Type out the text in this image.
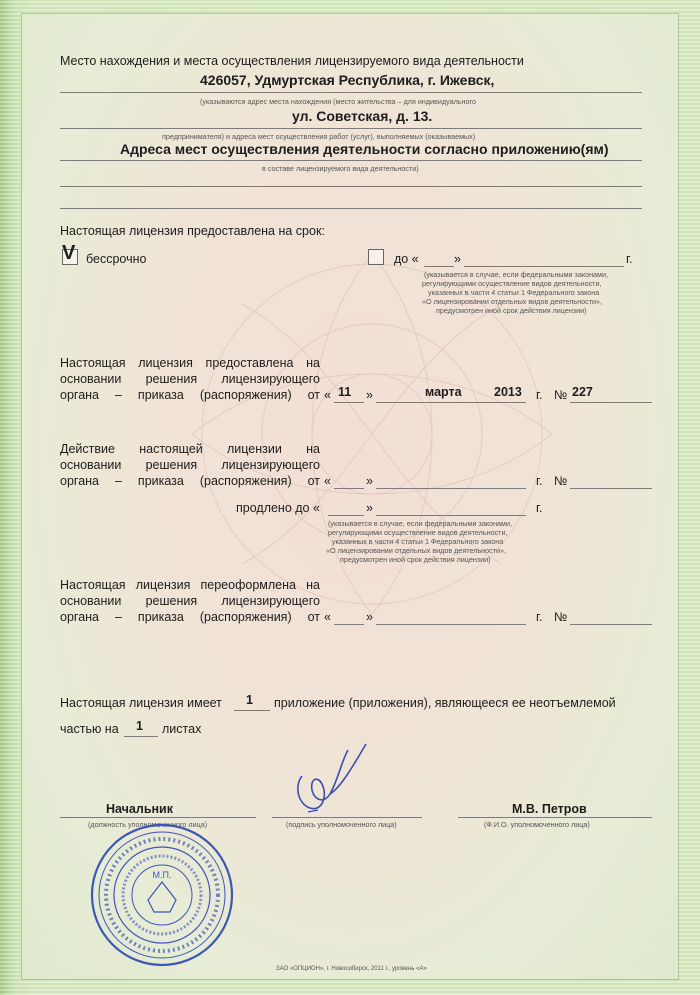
Место нахождения и места осуществления лицензируемого вида деятельности
426057, Удмуртская Республика, г. Ижевск,
(указываются адрес места нахождения (место жительства – для индивидуального
ул. Советская, д. 13.
предпринимателя) и адреса мест осуществления работ (услуг), выполняемых (оказываемых)
Адреса мест осуществления деятельности согласно приложению(ям)
в составе лицензируемого вида деятельности)
Настоящая лицензия предоставлена на срок:
V бессрочно	до «	»	г.
(указывается в случае, если федеральными законами,
регулирующими осуществление видов деятельности,
указанных в части 4 статьи 1 Федерального закона
«О лицензировании отдельных видов деятельности»,
предусмотрен иной срок действия лицензии)
Настоящая лицензия предоставлена на
основании решения лицензирующего
органа – приказа (распоряжения) от « 11 »	марта	2013 г. № 227
Действие настоящей лицензии на
основании решения лицензирующего
органа – приказа (распоряжения) от «	»	г. №
продлено до «	»	г.
(указывается в случае, если федеральными законами,
регулирующими осуществление видов деятельности,
указанных в части 4 статьи 1 Федерального закона
«О лицензировании отдельных видов деятельности»,
предусмотрен иной срок действия лицензии)
Настоящая лицензия переоформлена на
основании решения лицензирующего
органа – приказа (распоряжения) от «	»	г. №
Настоящая лицензия имеет 1 приложение (приложения), являющееся ее неотъемлемой
частью на 1 листах
Начальник
(должность уполномоченного лица)	(подпись уполномоченного лица)
М.В. Петров
(Ф.И.О. уполномоченного лица)
М.П.
ЗАО «ОПЦИОН», г. Новосибирск, 2011 г., уровень «А»
